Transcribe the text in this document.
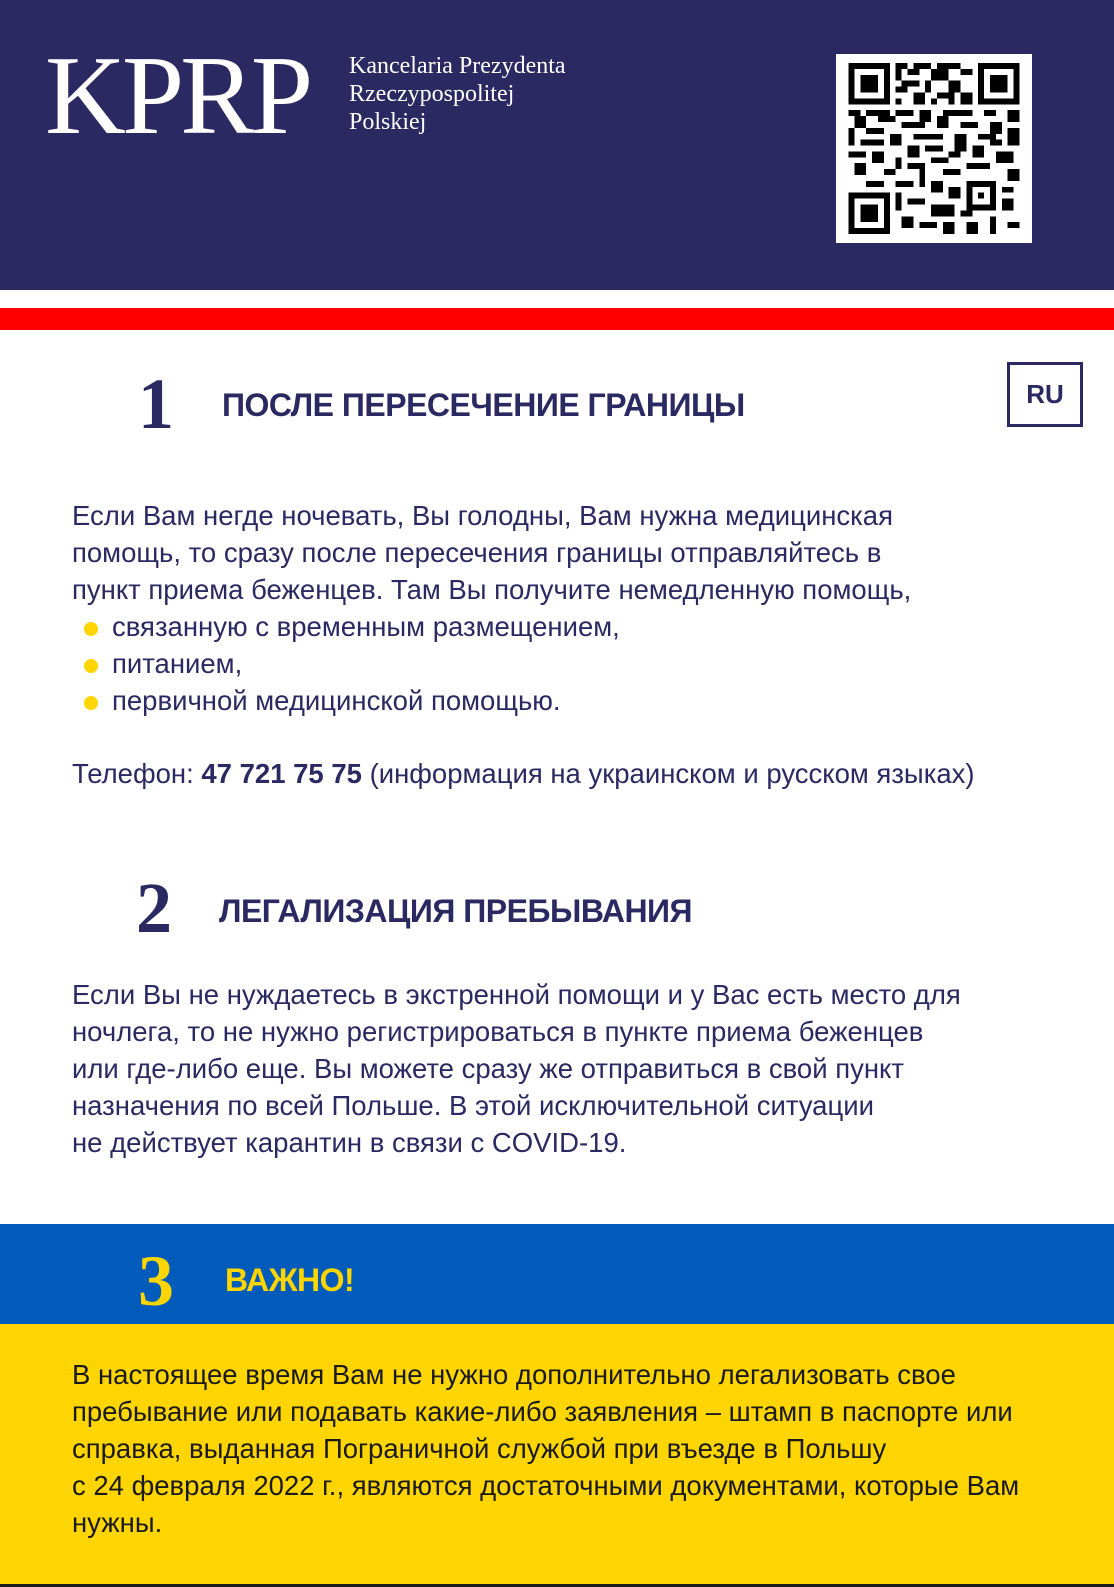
KPRP Kancelaria Prezydenta
Rzeczypospolitej
Polskiej
RU
1 ПОСЛЕ ПЕРЕСЕЧЕНИЕ ГРАНИЦЫ
Если Вам негде ночевать, Вы голодны, Вам нужна медицинская
помощь, то сразу после пересечения границы отправляйтесь в
пункт приема беженцев. Там Вы получите немедленную помощь,
связанную с временным размещением,
питанием,
первичной медицинской помощью.
Телефон: 47 721 75 75 (информация на украинском и русском языках)
2 ЛЕГАЛИЗАЦИЯ ПРЕБЫВАНИЯ
Если Вы не нуждаетесь в экстренной помощи и у Вас есть место для
ночлега, то не нужно регистрироваться в пункте приема беженцев
или где-либо еще. Вы можете сразу же отправиться в свой пункт
назначения по всей Польше. В этой исключительной ситуации
не действует карантин в связи с COVID-19.
3 ВАЖНО!
В настоящее время Вам не нужно дополнительно легализовать свое
пребывание или подавать какие-либо заявления – штамп в паспорте или
справка, выданная Пограничной службой при въезде в Польшу
с 24 февраля 2022 г., являются достаточными документами, которые Вам
нужны.
